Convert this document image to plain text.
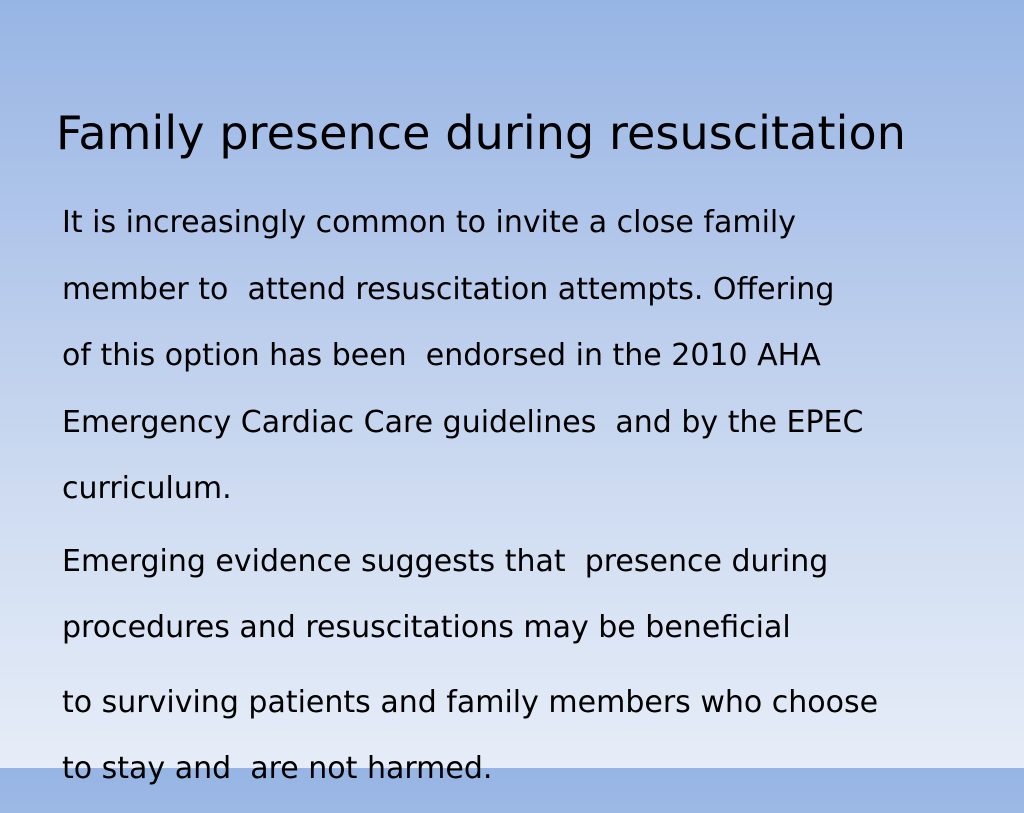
Family presence during resuscitation
It is increasingly common to invite a close family
member to  attend resuscitation attempts. Offering
of this option has been  endorsed in the 2010 AHA
Emergency Cardiac Care guidelines  and by the EPEC
curriculum.
Emerging evidence suggests that  presence during
procedures and resuscitations may be beneficial
to surviving patients and family members who choose
to stay and  are not harmed.
